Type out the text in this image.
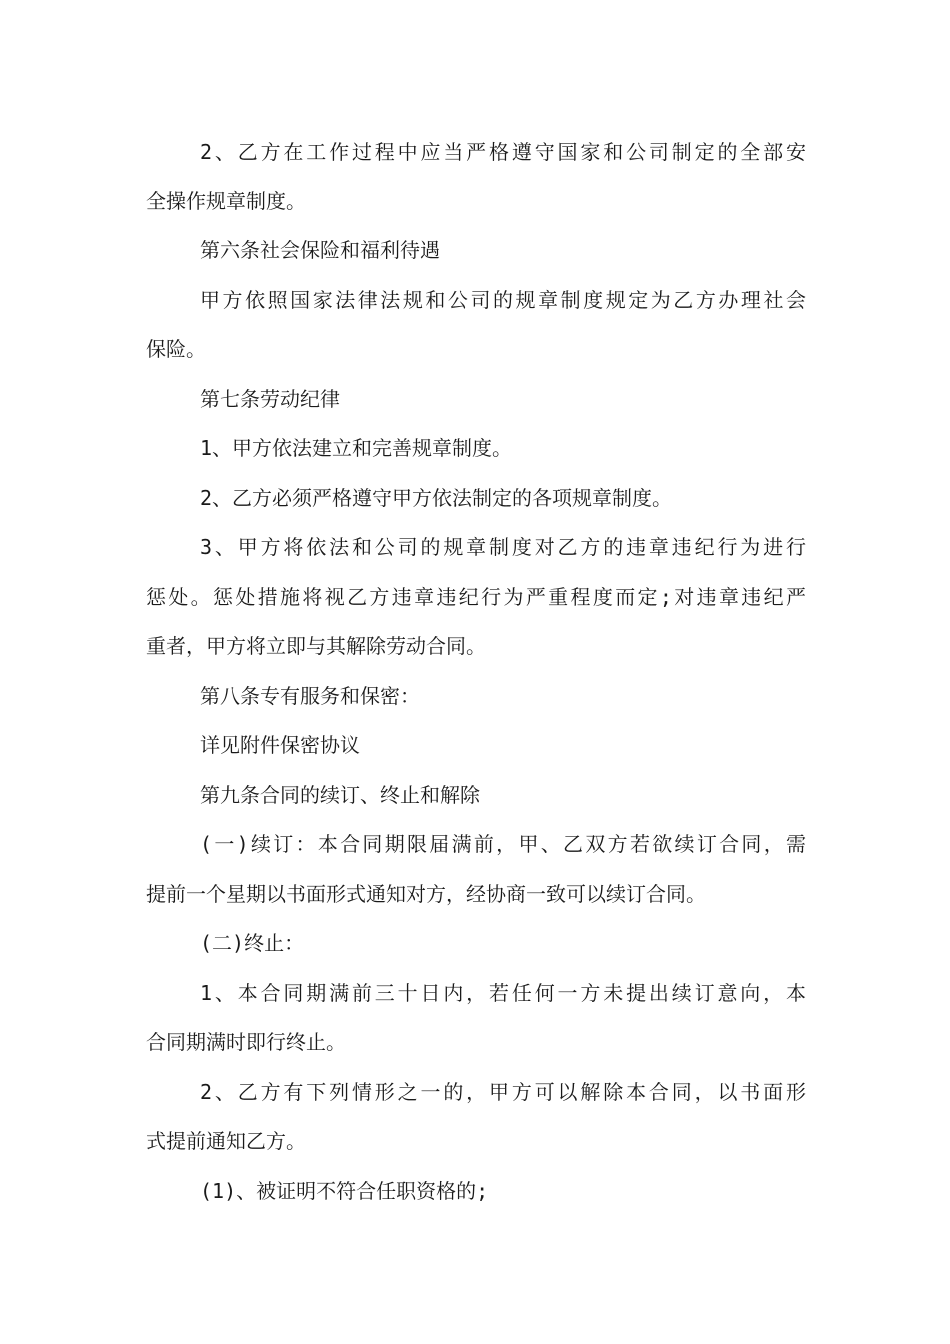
2、乙方在工作过程中应当严格遵守国家和公司制定的全部安
全操作规章制度。
第六条社会保险和福利待遇
甲方依照国家法律法规和公司的规章制度规定为乙方办理社会
保险。
第七条劳动纪律
1、甲方依法建立和完善规章制度。
2、乙方必须严格遵守甲方依法制定的各项规章制度。
3、甲方将依法和公司的规章制度对乙方的违章违纪行为进行
惩处。惩处措施将视乙方违章违纪行为严重程度而定;对违章违纪严
重者，甲方将立即与其解除劳动合同。
第八条专有服务和保密：
详见附件保密协议
第九条合同的续订、终止和解除
(一)续订：本合同期限届满前，甲、乙双方若欲续订合同，需
提前一个星期以书面形式通知对方，经协商一致可以续订合同。
(二)终止：
1、本合同期满前三十日内，若任何一方未提出续订意向，本
合同期满时即行终止。
2、乙方有下列情形之一的，甲方可以解除本合同，以书面形
式提前通知乙方。
(1)、被证明不符合任职资格的;
